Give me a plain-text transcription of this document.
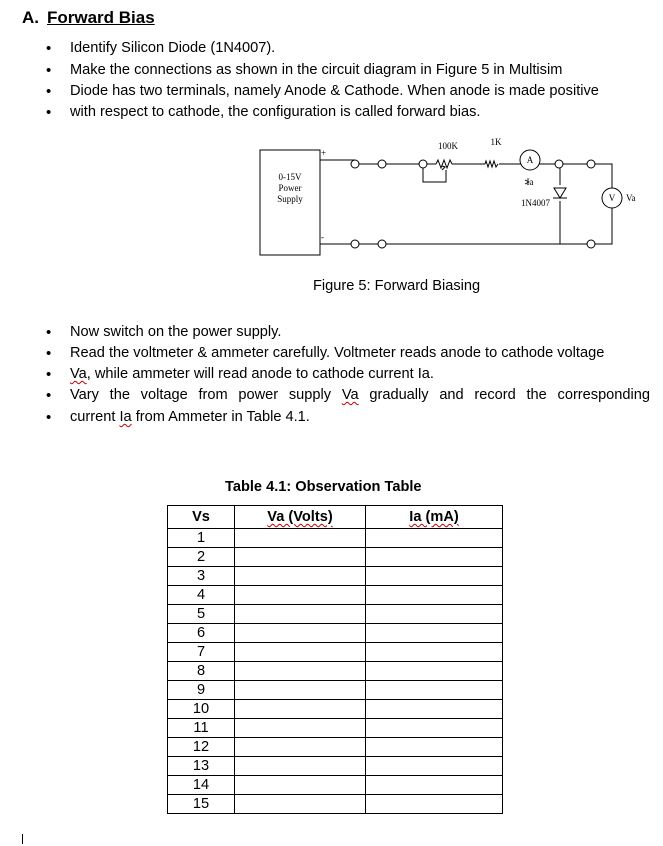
A. Forward Bias
• Identify Silicon Diode (1N4007).
• Make the connections as shown in the circuit diagram in Figure 5 in Multisim
• Diode has two terminals, namely Anode & Cathode. When anode is made positive
• with respect to cathode, the configuration is called forward bias.
0-15V
Power
Supply
+
-
100K	1K
A
Ia
1N4007	V Va
Figure 5: Forward Biasing
• Now switch on the power supply.
• Read the voltmeter & ammeter carefully. Voltmeter reads anode to cathode voltage
• Va, while ammeter will read anode to cathode current Ia.
• Vary the voltage from power supply Va gradually and record the corresponding
• current Ia from Ammeter in Table 4.1.
Table 4.1: Observation Table
Vs	Va (Volts)	Ia (mA)
1		
2		
3		
4		
5		
6		
7		
8		
9		
10		
11		
12		
13		
14		
15		
